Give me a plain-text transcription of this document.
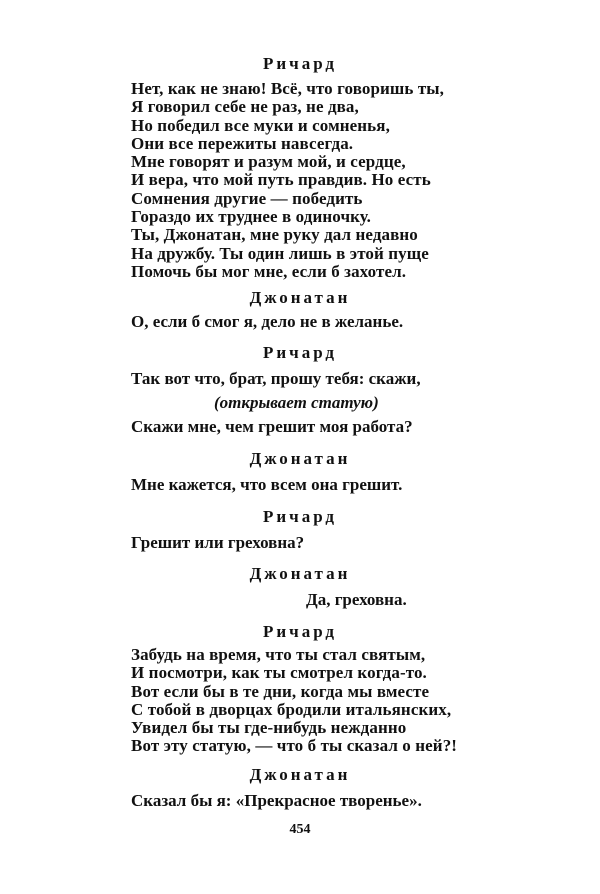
Ричард
Нет, как не знаю! Всё, что говоришь ты,
Я говорил себе не раз, не два,
Но победил все муки и сомненья,
Они все пережиты навсегда.
Мне говорят и разум мой, и сердце,
И вера, что мой путь правдив. Но есть
Сомнения другие — победить
Гораздо их труднее в одиночку.
Ты, Джонатан, мне руку дал недавно
На дружбу. Ты один лишь в этой пуще
Помочь бы мог мне, если б захотел.
Джонатан
О, если б смог я, дело не в желанье.
Ричард
Так вот что, брат, прошу тебя: скажи,
(открывает статую)
Скажи мне, чем грешит моя работа?
Джонатан
Мне кажется, что всем она грешит.
Ричард
Грешит или греховна?
Джонатан
Да, греховна.
Ричард
Забудь на время, что ты стал святым,
И посмотри, как ты смотрел когда-то.
Вот если бы в те дни, когда мы вместе
С тобой в дворцах бродили итальянских,
Увидел бы ты где-нибудь нежданно
Вот эту статую, — что б ты сказал о ней?!
Джонатан
Сказал бы я: «Прекрасное творенье».
454
